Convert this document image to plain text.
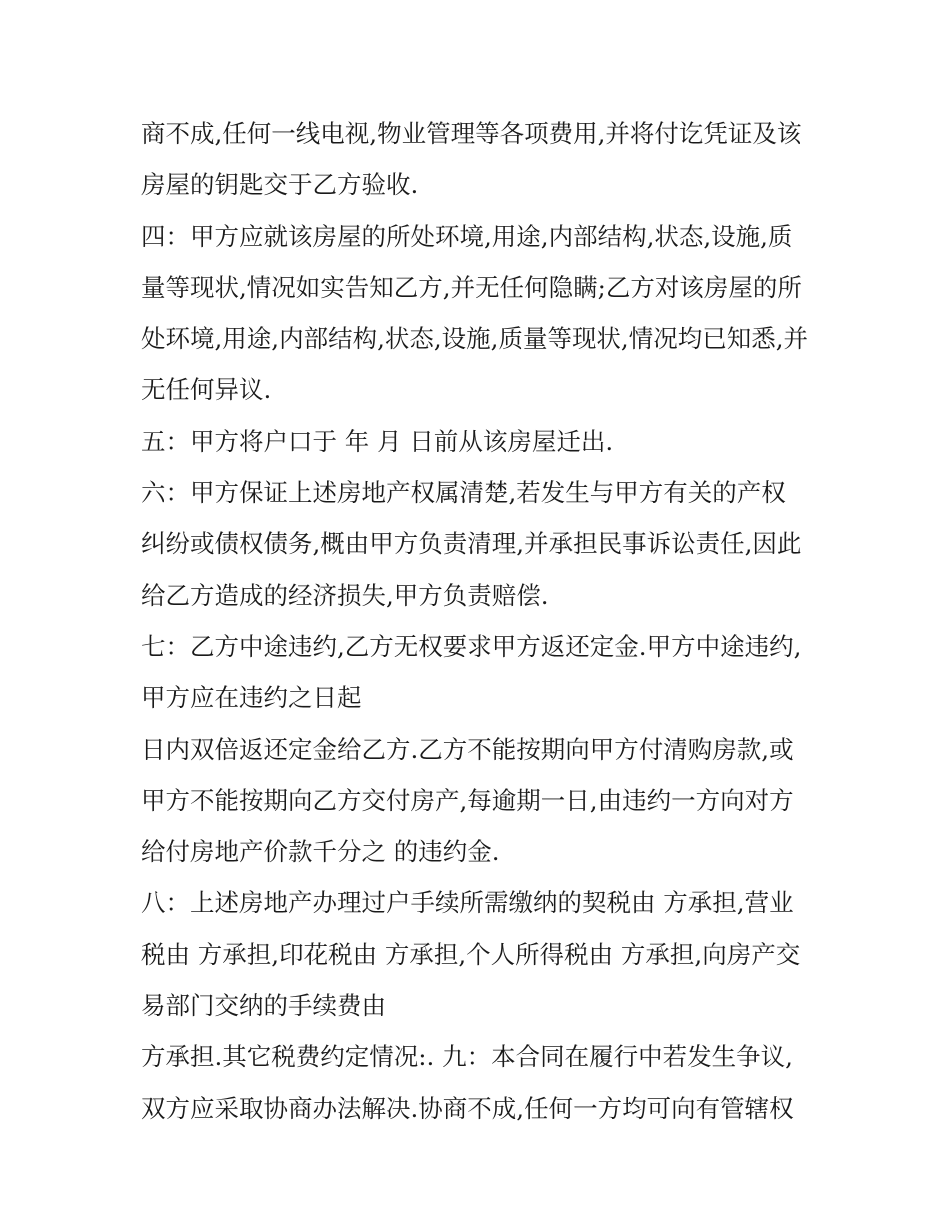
商不成,任何一线电视,物业管理等各项费用,并将付讫凭证及该
房屋的钥匙交于乙方验收.
四：甲方应就该房屋的所处环境,用途,内部结构,状态,设施,质
量等现状,情况如实告知乙方,并无任何隐瞒;乙方对该房屋的所
处环境,用途,内部结构,状态,设施,质量等现状,情况均已知悉,并
无任何异议.
五：甲方将户口于 年 月 日前从该房屋迁出.
六：甲方保证上述房地产权属清楚,若发生与甲方有关的产权
纠纷或债权债务,概由甲方负责清理,并承担民事诉讼责任,因此
给乙方造成的经济损失,甲方负责赔偿.
七：乙方中途违约,乙方无权要求甲方返还定金.甲方中途违约,
甲方应在违约之日起
日内双倍返还定金给乙方.乙方不能按期向甲方付清购房款,或
甲方不能按期向乙方交付房产,每逾期一日,由违约一方向对方
给付房地产价款千分之 的违约金.
八：上述房地产办理过户手续所需缴纳的契税由 方承担,营业
税由 方承担,印花税由 方承担,个人所得税由 方承担,向房产交
易部门交纳的手续费由
方承担.其它税费约定情况:. 九：本合同在履行中若发生争议,
双方应采取协商办法解决.协商不成,任何一方均可向有管辖权
